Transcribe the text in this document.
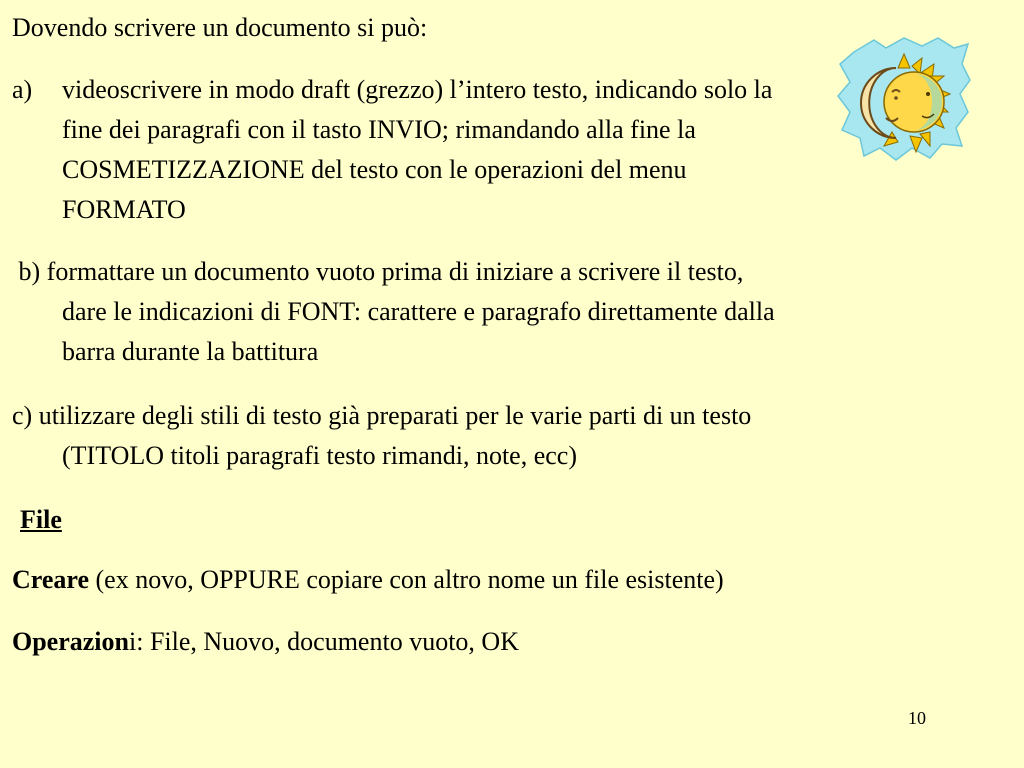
Dovendo scrivere un documento si può:
a) videoscrivere in modo draft (grezzo) l’intero testo, indicando solo la
fine dei paragrafi con il tasto INVIO; rimandando alla fine la
COSMETIZZAZIONE del testo con le operazioni del menu
FORMATO
b) formattare un documento vuoto prima di iniziare a scrivere il testo,
dare le indicazioni di FONT: carattere e paragrafo direttamente dalla
barra durante la battitura
c) utilizzare degli stili di testo già preparati per le varie parti di un testo
(TITOLO titoli paragrafi testo rimandi, note, ecc)
File
Creare (ex novo, OPPURE copiare con altro nome un file esistente)
Operazioni: File, Nuovo, documento vuoto, OK
10
